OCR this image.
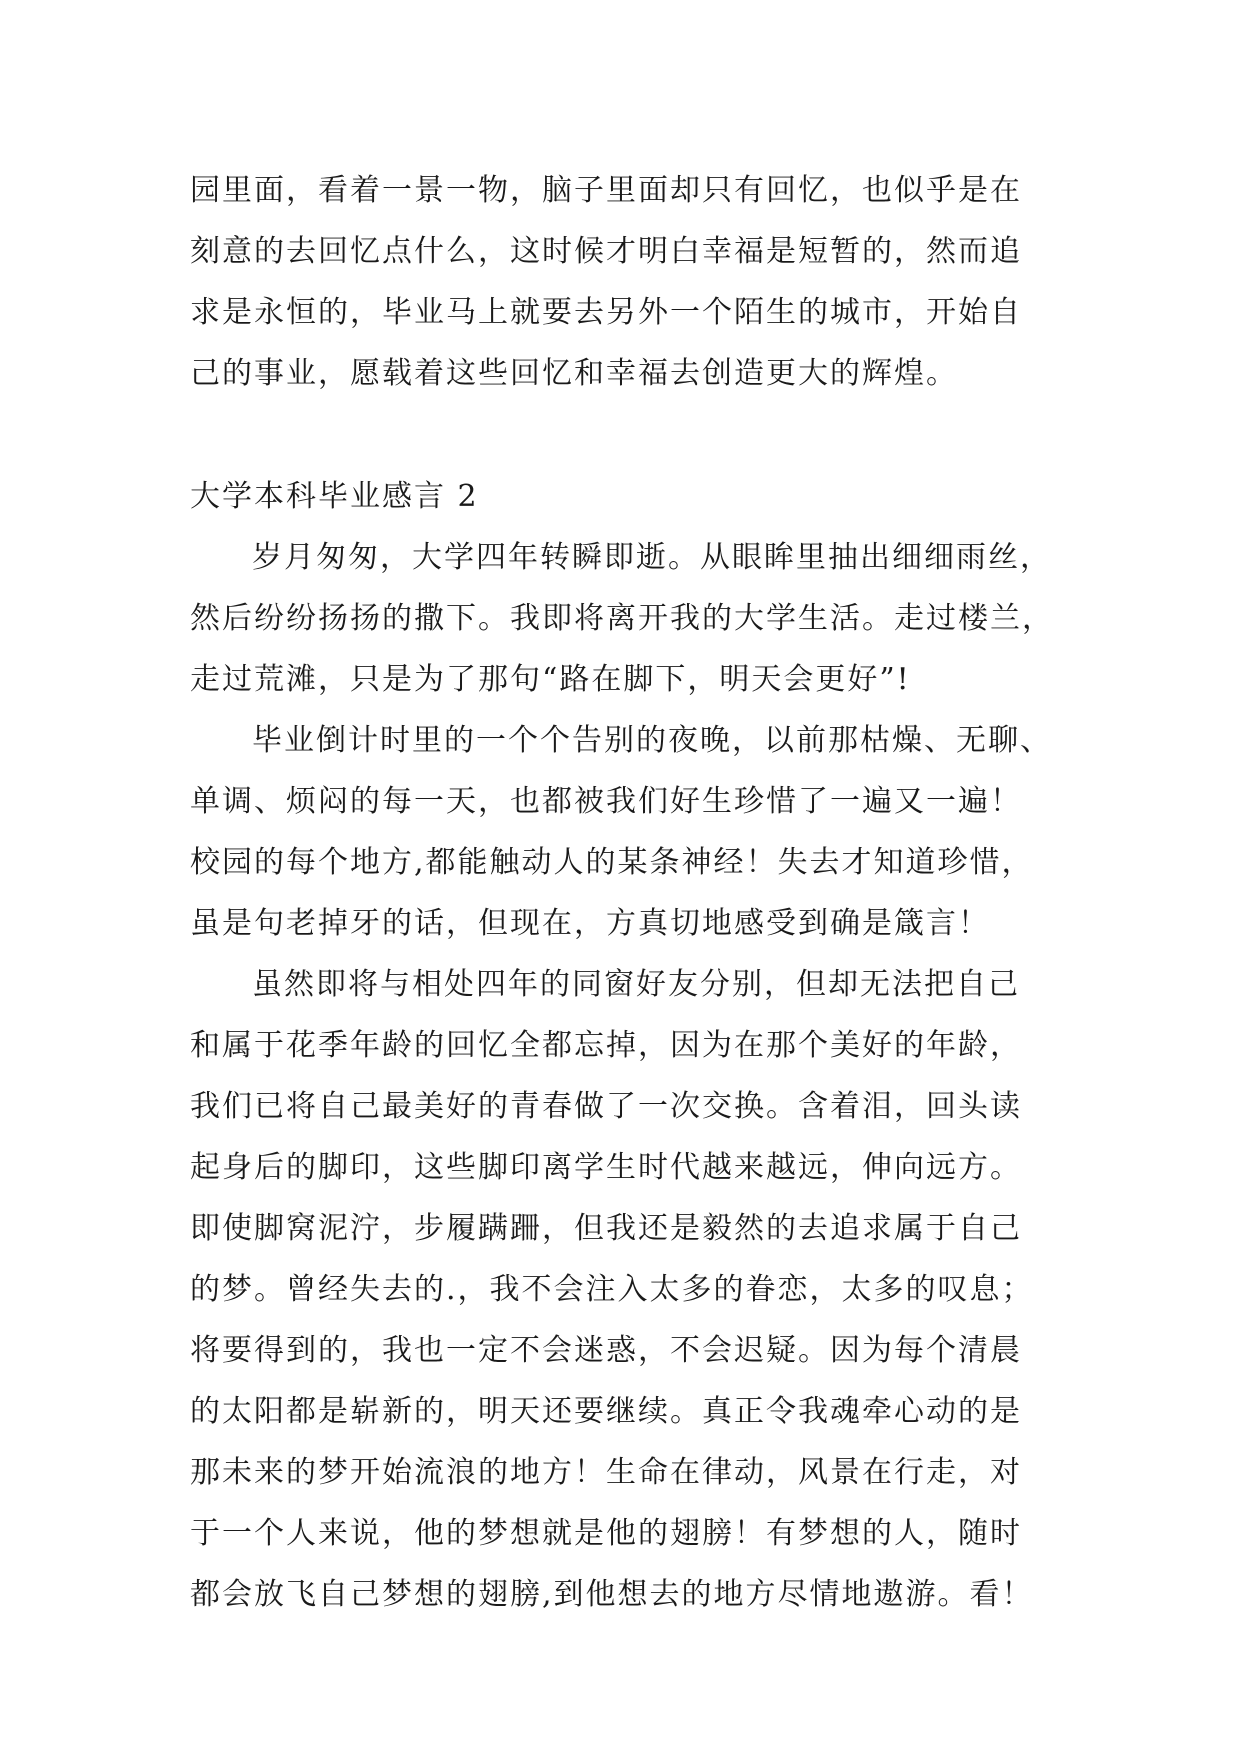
园里面，看着一景一物，脑子里面却只有回忆，也似乎是在
刻意的去回忆点什么，这时候才明白幸福是短暂的，然而追
求是永恒的，毕业马上就要去另外一个陌生的城市，开始自
己的事业，愿载着这些回忆和幸福去创造更大的辉煌。
大学本科毕业感言 2
岁月匆匆，大学四年转瞬即逝。从眼眸里抽出细细雨丝，
然后纷纷扬扬的撒下。我即将离开我的大学生活。走过楼兰，
走过荒滩，只是为了那句“路在脚下，明天会更好”!
毕业倒计时里的一个个告别的夜晚，以前那枯燥、无聊、
单调、烦闷的每一天，也都被我们好生珍惜了一遍又一遍！
校园的每个地方,都能触动人的某条神经！失去才知道珍惜，
虽是句老掉牙的话，但现在，方真切地感受到确是箴言！
虽然即将与相处四年的同窗好友分别，但却无法把自己
和属于花季年龄的回忆全都忘掉，因为在那个美好的年龄，
我们已将自己最美好的青春做了一次交换。含着泪，回头读
起身后的脚印，这些脚印离学生时代越来越远，伸向远方。
即使脚窝泥泞，步履蹒跚，但我还是毅然的去追求属于自己
的梦。曾经失去的.，我不会注入太多的眷恋，太多的叹息；
将要得到的，我也一定不会迷惑，不会迟疑。因为每个清晨
的太阳都是崭新的，明天还要继续。真正令我魂牵心动的是
那未来的梦开始流浪的地方！生命在律动，风景在行走，对
于一个人来说，他的梦想就是他的翅膀！有梦想的人，随时
都会放飞自己梦想的翅膀,到他想去的地方尽情地遨游。看！
